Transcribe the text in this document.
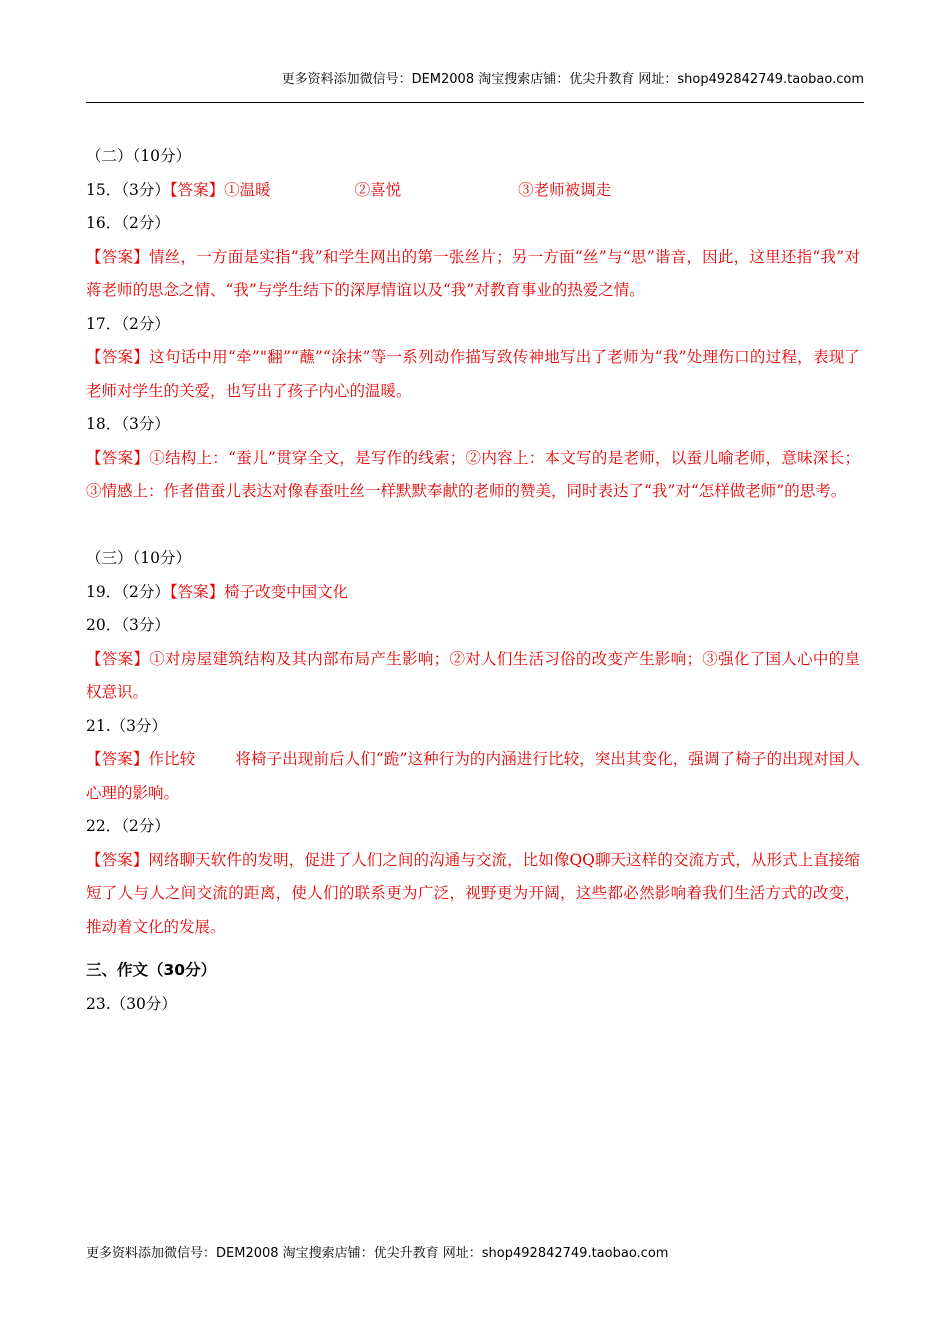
更多资料添加微信号：DEM2008 淘宝搜索店铺：优尖升教育 网址：shop492842749.taobao.com
（二）（10分）
15．（3分）【答案】①温暖	②喜悦	③老师被调走
16．（2分）
【答案】情丝，一方面是实指“我”和学生网出的第一张丝片；另一方面“丝”与“思”谐音，因此，这里还指“我”对蒋老师的思念之情、“我”与学生结下的深厚情谊以及“我”对教育事业的热爱之情。
17．（2分）
【答案】这句话中用“牵”"翻”“蘸”“涂抹”等一系列动作描写致传神地写出了老师为“我”处理伤口的过程，表现了老师对学生的关爱，也写出了孩子内心的温暖。
18．（3分）
【答案】①结构上：“蚕儿”贯穿全文，是写作的线索；②内容上：本文写的是老师，以蚕儿喻老师，意味深长；③情感上：作者借蚕儿表达对像春蚕吐丝一样默默奉献的老师的赞美，同时表达了“我”对“怎样做老师”的思考。
（三）（10分）
19．（2分）【答案】椅子改变中国文化
20．（3分）
【答案】①对房屋建筑结构及其内部布局产生影响；②对人们生活习俗的改变产生影响；③强化了国人心中的皇权意识。
21.（3分）
【答案】作比较	将椅子出现前后人们“跪”这种行为的内涵进行比较，突出其变化，强调了椅子的出现对国人心理的影响。
22．（2分）
【答案】网络聊天软件的发明，促进了人们之间的沟通与交流，比如像QQ聊天这样的交流方式，从形式上直接缩短了人与人之间交流的距离，使人们的联系更为广泛，视野更为开阔，这些都必然影响着我们生活方式的改变，推动着文化的发展。
三、作文（30分）
23.（30分）
更多资料添加微信号：DEM2008 淘宝搜索店铺：优尖升教育 网址：shop492842749.taobao.com
